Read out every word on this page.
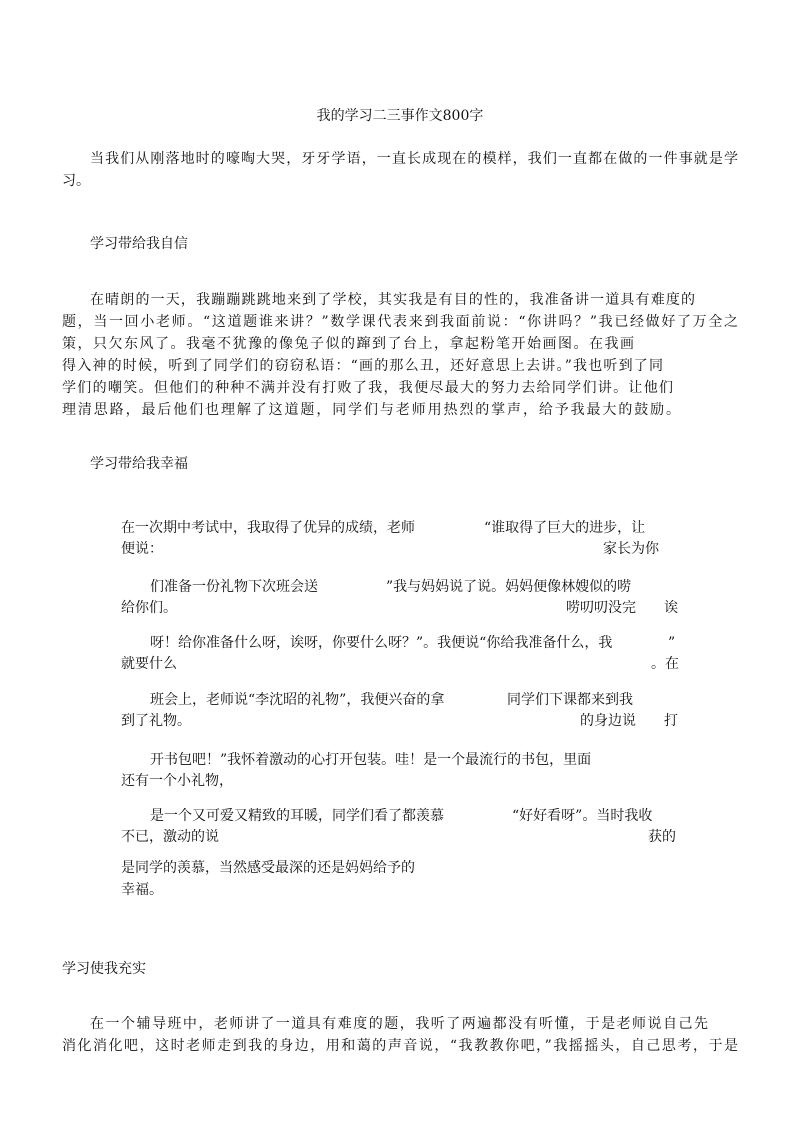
我的学习二三事作文800字
当我们从刚落地时的嚎啕大哭，牙牙学语，一直长成现在的模样，我们一直都在做的一件事就是学
习。
学习带给我自信
在晴朗的一天，我蹦蹦跳跳地来到了学校，其实我是有目的性的，我准备讲一道具有难度的
题，当一回小老师。“这道题谁来讲？”数学课代表来到我面前说：“你讲吗？”我已经做好了万全之
策，只欠东风了。我毫不犹豫的像兔子似的蹿到了台上，拿起粉笔开始画图。在我画
得入神的时候，听到了同学们的窃窃私语：“画的那么丑，还好意思上去讲。”我也听到了同
学们的嘲笑。但他们的种种不满并没有打败了我，我便尽最大的努力去给同学们讲。让他们
理清思路，最后他们也理解了这道题，同学们与老师用热烈的掌声，给予我最大的鼓励。
学习带给我幸福
在一次期中考试中，我取得了优异的成绩，老师	“谁取得了巨大的进步，让
便说：	家长为你
们准备一份礼物下次班会送	”我与妈妈说了说。妈妈便像林嫂似的唠
给你们。	唠叨叨没完 诶
呀！给你准备什么呀，诶呀，你要什么呀？”。我便说“你给我准备什么，我	”
就要什么	。在
班会上，老师说“李沈昭的礼物”，我便兴奋的拿	同学们下课都来到我
到了礼物。	的身边说 打
开书包吧！”我怀着激动的心打开包装。哇！是一个最流行的书包，里面
还有一个小礼物，
是一个又可爱又精致的耳暖，同学们看了都羡慕	“好好看呀”。当时我收
不已，激动的说	获的
是同学的羡慕，当然感受最深的还是妈妈给予的
幸福。
学习使我充实
在一个辅导班中，老师讲了一道具有难度的题，我听了两遍都没有听懂，于是老师说自己先
消化消化吧，这时老师走到我的身边，用和蔼的声音说，“我教教你吧，”我摇摇头，自己思考，于是
